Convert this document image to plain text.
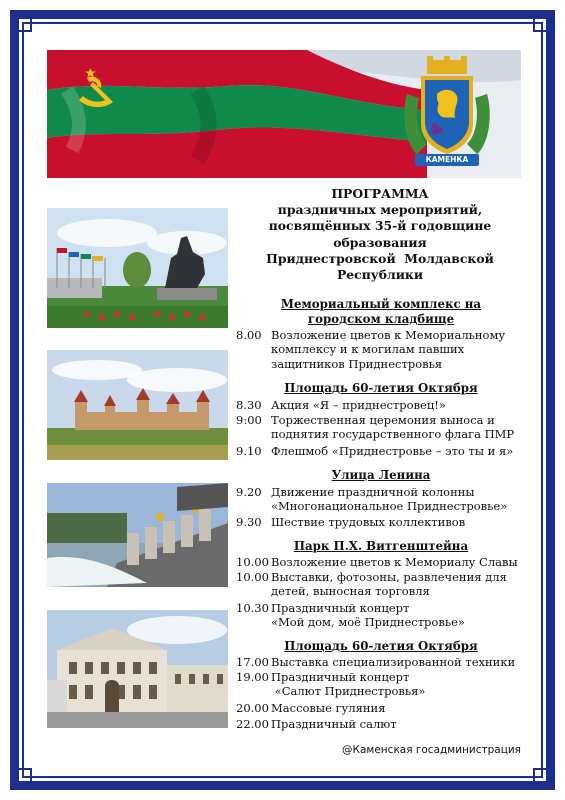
КАМЕНКА
ПРОГРАММА
праздничных мероприятий,
посвящённых 35-й годовщине
образования
Приднестровской  Молдавской
Республики
Мемориальный комплекс на
городском кладбище
8.00 Возложение цветов к Мемориальному
комплексу и к могилам павших
защитников Приднестровья
Площадь 60-летия Октября
8.30 Акция «Я – приднестровец!»
9:00 Торжественная церемония выноса и
поднятия государственного флага ПМР
9.10 Флешмоб «Приднестровье – это ты и я»
Улица Ленина
9.20 Движение праздничной колонны
«Многонациональное Приднестровье»
9.30 Шествие трудовых коллективов
Парк П.Х. Витгенштейна
10.00 Возложение цветов к Мемориалу Славы
10.00 Выставки, фотозоны, развлечения для
детей, выносная торговля
10.30 Праздничный концерт
«Мой дом, моё Приднестровье»
Площадь 60-летия Октября
17.00 Выставка специализированной техники
19.00 Праздничный концерт
«Салют Приднестровья»
20.00 Массовые гуляния
22.00 Праздничный салют
@Каменская госадминистрация
